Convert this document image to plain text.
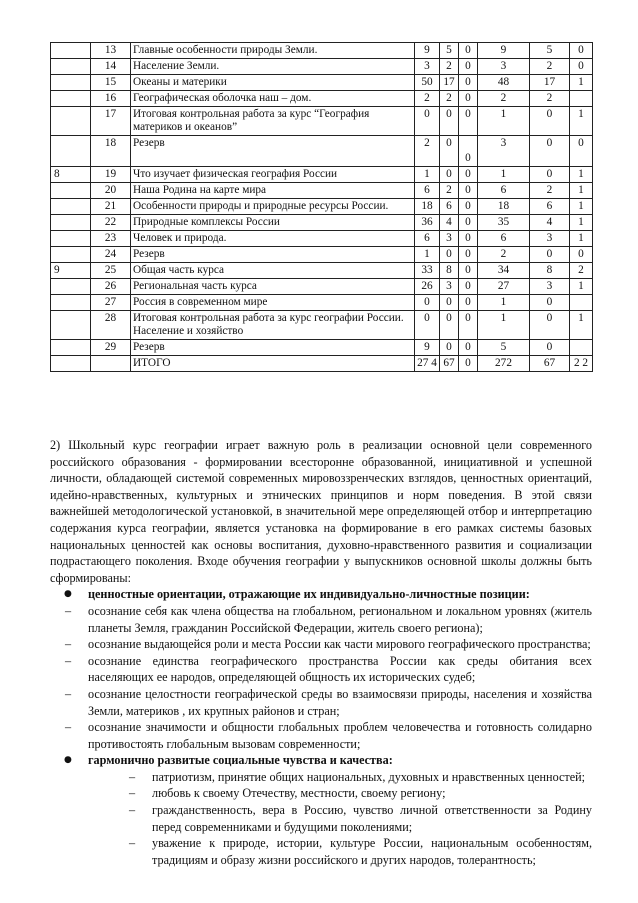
	13	Главные особенности природы Земли.	9	5	0	9	5	0
	14	Население Земли.	3	2	0	3	2	0
	15	Океаны и материки	50	17	0	48	17	1
	16	Географическая оболочка наш – дом.	2	2	0	2	2	
	17	Итоговая контрольная работа за курс “География материков и океанов”	0	0	0	1	0	1
	18	Резерв	2	0	0	3	0	0
8	19	Что изучает физическая география России	1	0	0	1	0	1
	20	Наша Родина на карте мира	6	2	0	6	2	1
	21	Особенности природы и природные ресурсы России.	18	6	0	18	6	1
	22	Природные комплексы России	36	4	0	35	4	1
	23	Человек и природа.	6	3	0	6	3	1
	24	Резерв	1	0	0	2	0	0
9	25	Общая часть курса	33	8	0	34	8	2
	26	Региональная часть курса	26	3	0	27	3	1
	27	Россия в современном мире	0	0	0	1	0	
	28	Итоговая контрольная работа за курс географии России. Население и хозяйство	0	0	0	1	0	1
	29	Резерв	9	0	0	5	0	
		ИТОГО	27 4	67	0	272	67	2 2

2) Школьный курс географии играет важную роль в реализации основной цели современного российского образования - формировании всесторонне образованной, инициативной и успешной личности, обладающей системой современных мировоззренческих взглядов, ценностных ориентаций, идейно-нравственных, культурных и этнических принципов и норм поведения. В этой связи важнейшей методологической установкой, в значительной мере определяющей отбор и интерпретацию содержания курса географии, является установка на формирование в его рамках системы базовых национальных ценностей как основы воспитания, духовно-нравственного развития и социализации подрастающего поколения. Входе обучения географии у выпускников основной школы должны быть сформированы:

● ценностные ориентации, отражающие их индивидуально-личностные позиции:
– осознание себя как члена общества на глобальном, региональном и локальном уровнях (житель планеты Земля, гражданин Российской Федерации, житель своего региона);
– осознание выдающейся роли и места России как части мирового географического пространства;
– осознание единства географического пространства России как среды обитания всех населяющих ее народов, определяющей общность их исторических судеб;
– осознание целостности географической среды во взаимосвязи природы, населения и хозяйства Земли, материков , их крупных районов и стран;
– осознание значимости и общности глобальных проблем человечества и готовность солидарно противостоять глобальным вызовам современности;
● гармонично развитые социальные чувства и качества:
– патриотизм, принятие общих национальных, духовных и нравственных ценностей;
– любовь к своему Отечеству, местности, своему региону;
– гражданственность, вера в Россию, чувство личной ответственности за Родину перед современниками и будущими поколениями;
– уважение к природе, истории, культуре России, национальным особенностям, традициям и образу жизни российского и других народов, толерантность;
